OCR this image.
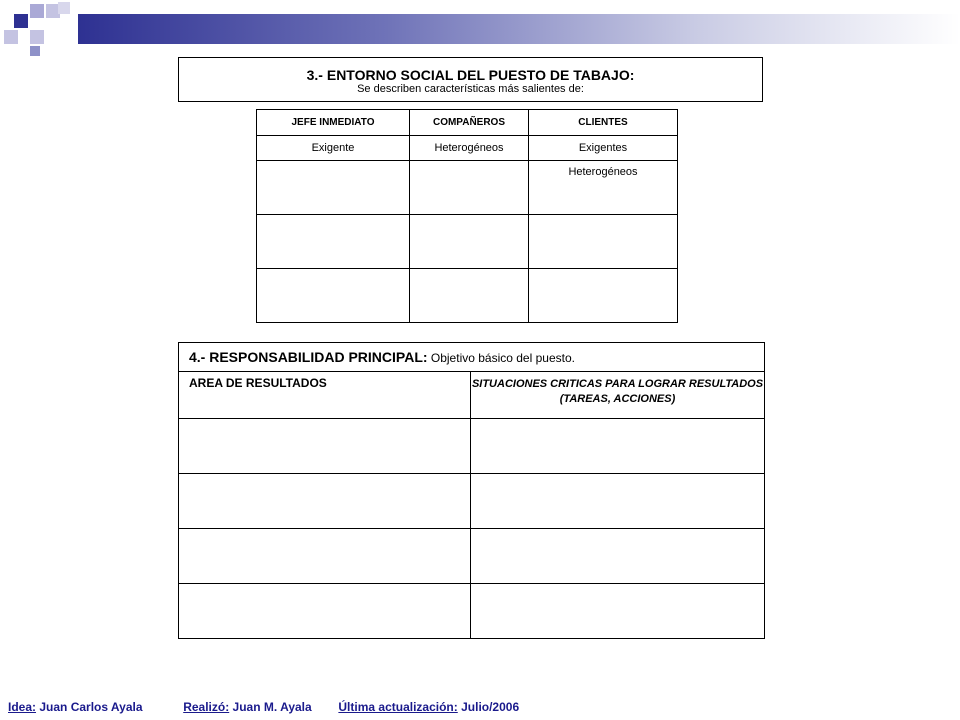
3.- ENTORNO SOCIAL DEL PUESTO DE TABAJO:
Se describen características más salientes de:
JEFE INMEDIATO	COMPAÑEROS	CLIENTES
Exigente	Heterogéneos	Exigentes

		Heterogéneos

4.- RESPONSABILIDAD PRINCIPAL: Objetivo básico del puesto.	
AREA DE RESULTADOS	SITUACIONES CRITICAS PARA LOGRAR RESULTADOS (TAREAS, ACCIONES)

Idea: Juan Carlos Ayala	Realizó: Juan M. Ayala Última actualización: Julio/2006
